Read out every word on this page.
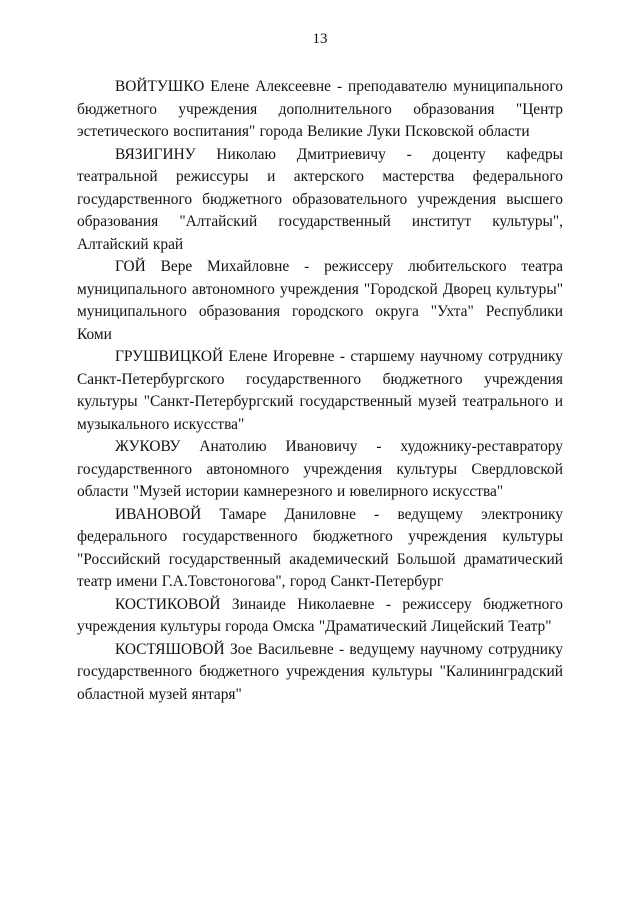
13

ВОЙТУШКО Елене Алексеевне - преподавателю муниципального бюджетного учреждения дополнительного образования "Центр эстетического воспитания" города Великие Луки Псковской области

ВЯЗИГИНУ Николаю Дмитриевичу - доценту кафедры театральной режиссуры и актерского мастерства федерального государственного бюджетного образовательного учреждения высшего образования "Алтайский государственный институт культуры", Алтайский край

ГОЙ Вере Михайловне - режиссеру любительского театра муниципального автономного учреждения "Городской Дворец культуры" муниципального образования городского округа "Ухта" Республики Коми

ГРУШВИЦКОЙ Елене Игоревне - старшему научному сотруднику Санкт-Петербургского государственного бюджетного учреждения культуры "Санкт-Петербургский государственный музей театрального и музыкального искусства"

ЖУКОВУ Анатолию Ивановичу - художнику-реставратору государственного автономного учреждения культуры Свердловской области "Музей истории камнерезного и ювелирного искусства"

ИВАНОВОЙ Тамаре Даниловне - ведущему электронику федерального государственного бюджетного учреждения культуры "Российский государственный академический Большой драматический театр имени Г.А.Товстоногова", город Санкт-Петербург

КОСТИКОВОЙ Зинаиде Николаевне - режиссеру бюджетного учреждения культуры города Омска "Драматический Лицейский Театр"

КОСТЯШОВОЙ Зое Васильевне - ведущему научному сотруднику государственного бюджетного учреждения культуры "Калининградский областной музей янтаря"
